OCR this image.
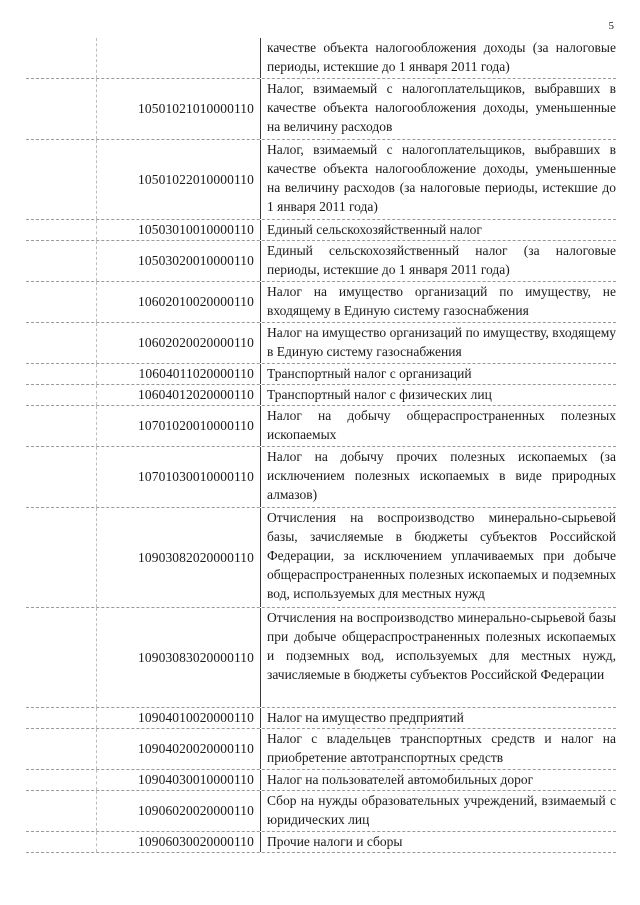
5
качестве объекта налогообложения доходы (за налоговые периоды, истекшие до 1 января 2011 года)
10501021010000110
Налог, взимаемый с налогоплательщиков, выбравших в качестве объекта налогообложения доходы, уменьшенные на величину расходов
10501022010000110
Налог, взимаемый с налогоплательщиков, выбравших в качестве объекта налогообложение доходы, уменьшенные на величину расходов (за налоговые периоды, истекшие до 1 января 2011 года)
10503010010000110 Единый сельскохозяйственный налог
10503020010000110
Единый сельскохозяйственный налог (за налоговые периоды, истекшие до 1 января 2011 года)
10602010020000110
Налог на имущество организаций по имуществу, не входящему в Единую систему газоснабжения
10602020020000110
Налог на имущество организаций по имуществу, входящему в Единую систему газоснабжения
10604011020000110 Транспортный налог с организаций
10604012020000110 Транспортный налог с физических лиц
10701020010000110
Налог на добычу общераспространенных полезных ископаемых
10701030010000110
Налог на добычу прочих полезных ископаемых (за исключением полезных ископаемых в виде природных алмазов)
10903082020000110
Отчисления на воспроизводство минерально-сырьевой базы, зачисляемые в бюджеты субъектов Российской Федерации, за исключением уплачиваемых при добыче общераспространенных полезных ископаемых и подземных вод, используемых для местных нужд
10903083020000110
Отчисления на воспроизводство минерально-сырьевой базы при добыче общераспространенных полезных ископаемых и подземных вод, используемых для местных нужд, зачисляемые в бюджеты субъектов Российской Федерации
10904010020000110 Налог на имущество предприятий
10904020020000110
Налог с владельцев транспортных средств и налог на приобретение автотранспортных средств
10904030010000110 Налог на пользователей автомобильных дорог
10906020020000110
Сбор на нужды образовательных учреждений, взимаемый с юридических лиц
10906030020000110 Прочие налоги и сборы
